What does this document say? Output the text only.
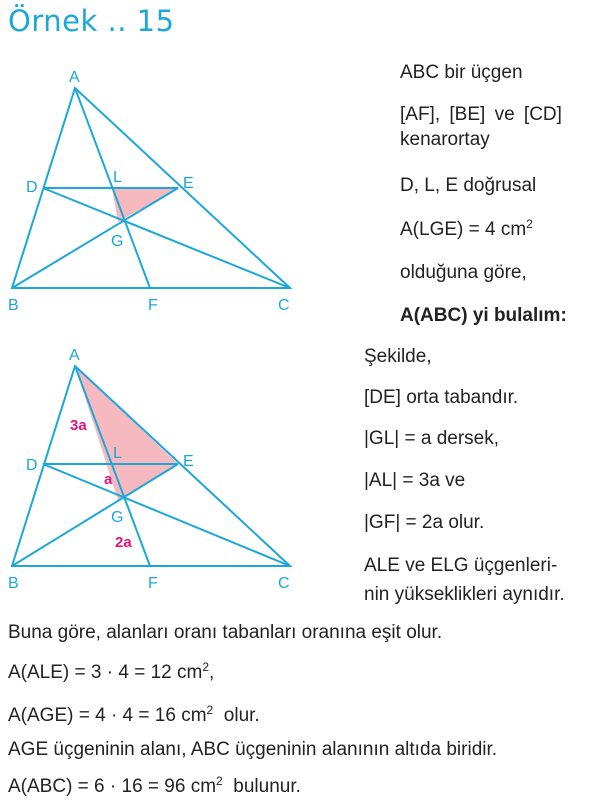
Örnek .. 15
A
B	C
D	E
F
G
L
A
B	C
D	E
F
G
L
3a
a
2a
ABC bir üçgen
[AF], [BE] ve [CD]
kenarortay
D, L, E doğrusal
A(LGE) = 4 $cm^2$
olduğuna göre,
A(ABC) yi bulalım:
Şekilde,
[DE] orta tabandır.
|GL| = a dersek,
|AL| = 3a ve
|GF| = 2a olur.
ALE ve ELG üçgenleri-
nin yükseklikleri aynıdır.
Buna göre, alanları oranı tabanları oranına eşit olur.
A(ALE) = 3 · 4 = 12 $cm^2$,
A(AGE) = 4 · 4 = 16 $cm^2$  olur.
AGE üçgeninin alanı, ABC üçgeninin alanının altıda biridir.
A(ABC) = 6 · 16 = 96 $cm^2$  bulunur.
